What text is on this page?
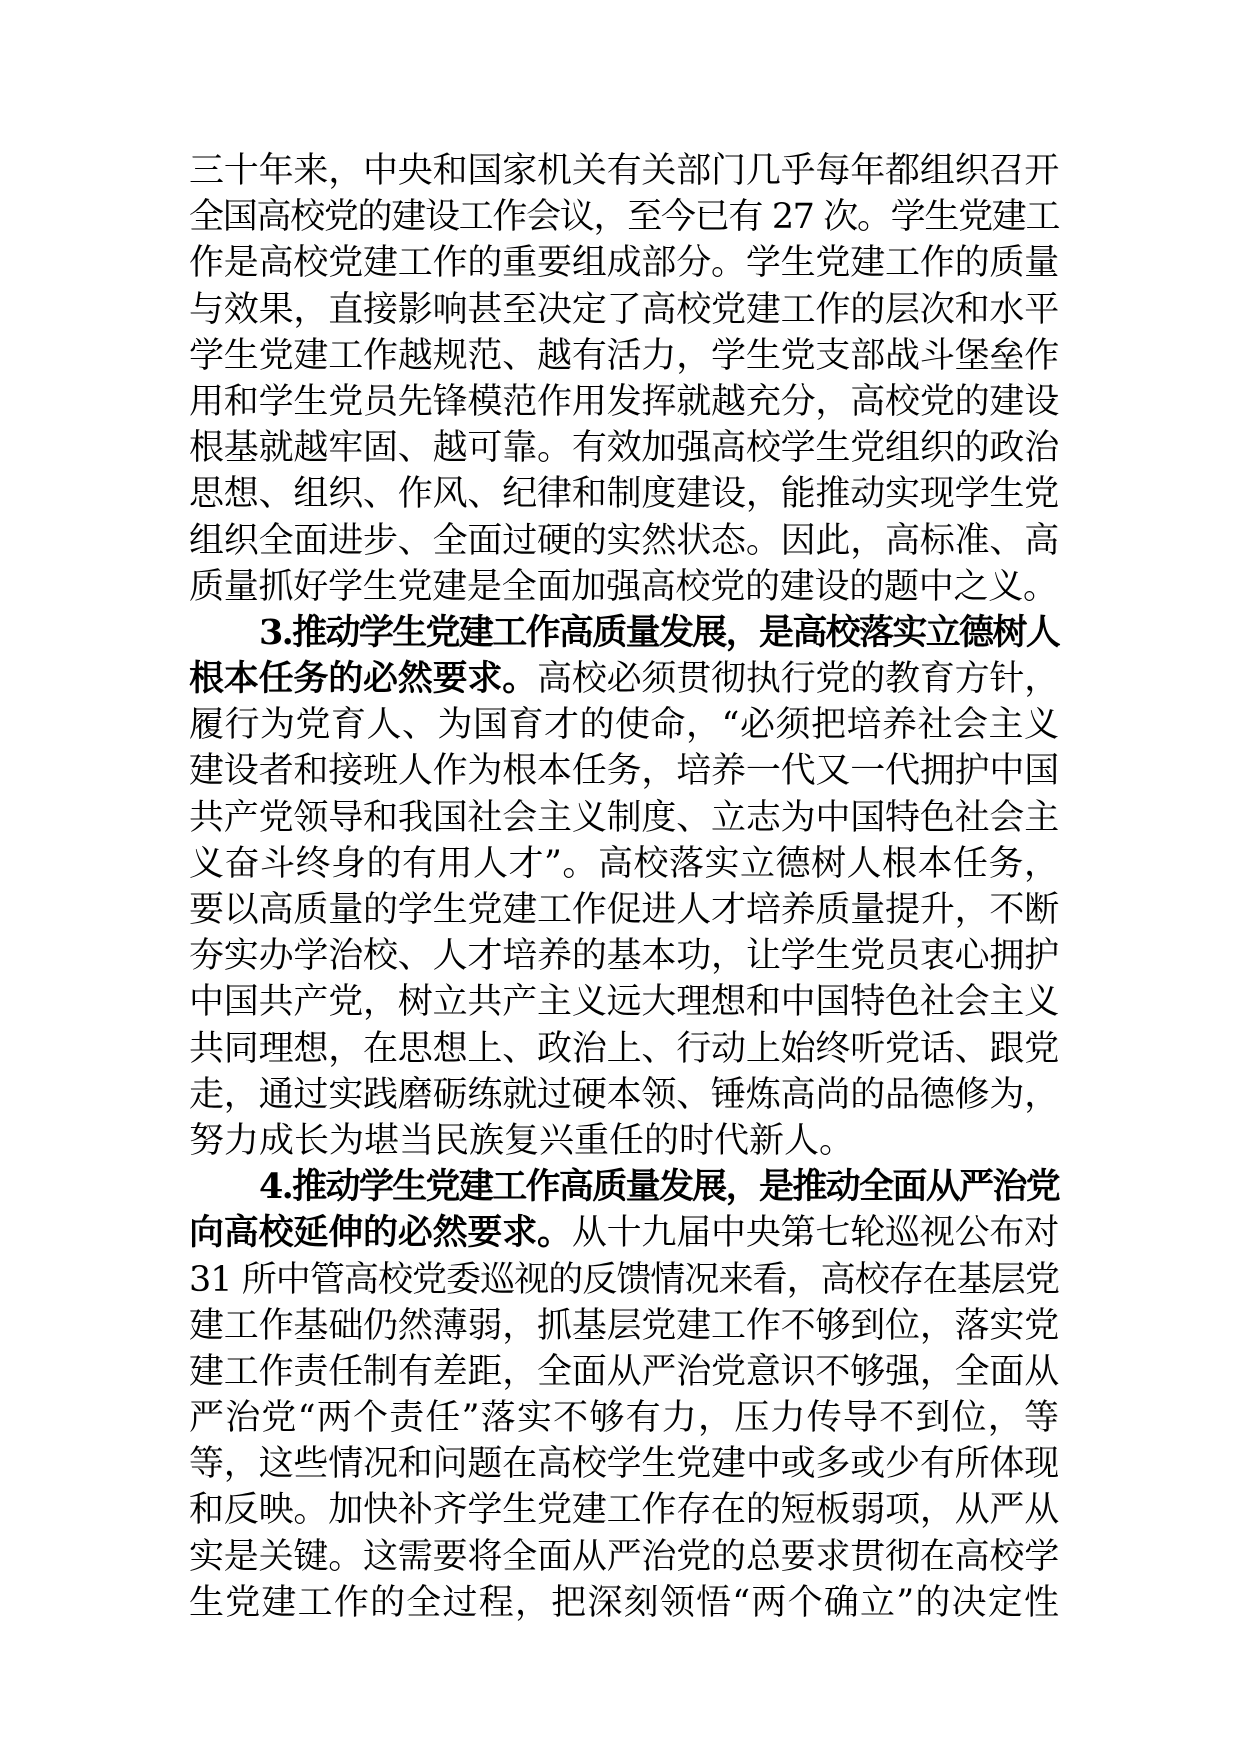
三十年来，中央和国家机关有关部门几乎每年都组织召开
全国高校党的建设工作会议，至今已有 27 次。学生党建工
作是高校党建工作的重要组成部分。学生党建工作的质量
与效果，直接影响甚至决定了高校党建工作的层次和水平
学生党建工作越规范、越有活力，学生党支部战斗堡垒作
用和学生党员先锋模范作用发挥就越充分，高校党的建设
根基就越牢固、越可靠。有效加强高校学生党组织的政治
思想、组织、作风、纪律和制度建设，能推动实现学生党
组织全面进步、全面过硬的实然状态。因此，高标准、高
质量抓好学生党建是全面加强高校党的建设的题中之义。
3.推动学生党建工作高质量发展，是高校落实立德树人
根本任务的必然要求。高校必须贯彻执行党的教育方针，
履行为党育人、为国育才的使命，“必须把培养社会主义
建设者和接班人作为根本任务，培养一代又一代拥护中国
共产党领导和我国社会主义制度、立志为中国特色社会主
义奋斗终身的有用人才”。高校落实立德树人根本任务，
要以高质量的学生党建工作促进人才培养质量提升，不断
夯实办学治校、人才培养的基本功，让学生党员衷心拥护
中国共产党，树立共产主义远大理想和中国特色社会主义
共同理想，在思想上、政治上、行动上始终听党话、跟党
走，通过实践磨砺练就过硬本领、锤炼高尚的品德修为，
努力成长为堪当民族复兴重任的时代新人。
4.推动学生党建工作高质量发展，是推动全面从严治党
向高校延伸的必然要求。从十九届中央第七轮巡视公布对
31 所中管高校党委巡视的反馈情况来看，高校存在基层党
建工作基础仍然薄弱，抓基层党建工作不够到位，落实党
建工作责任制有差距，全面从严治党意识不够强，全面从
严治党“两个责任”落实不够有力，压力传导不到位，等
等，这些情况和问题在高校学生党建中或多或少有所体现
和反映。加快补齐学生党建工作存在的短板弱项，从严从
实是关键。这需要将全面从严治党的总要求贯彻在高校学
生党建工作的全过程，把深刻领悟“两个确立”的决定性
